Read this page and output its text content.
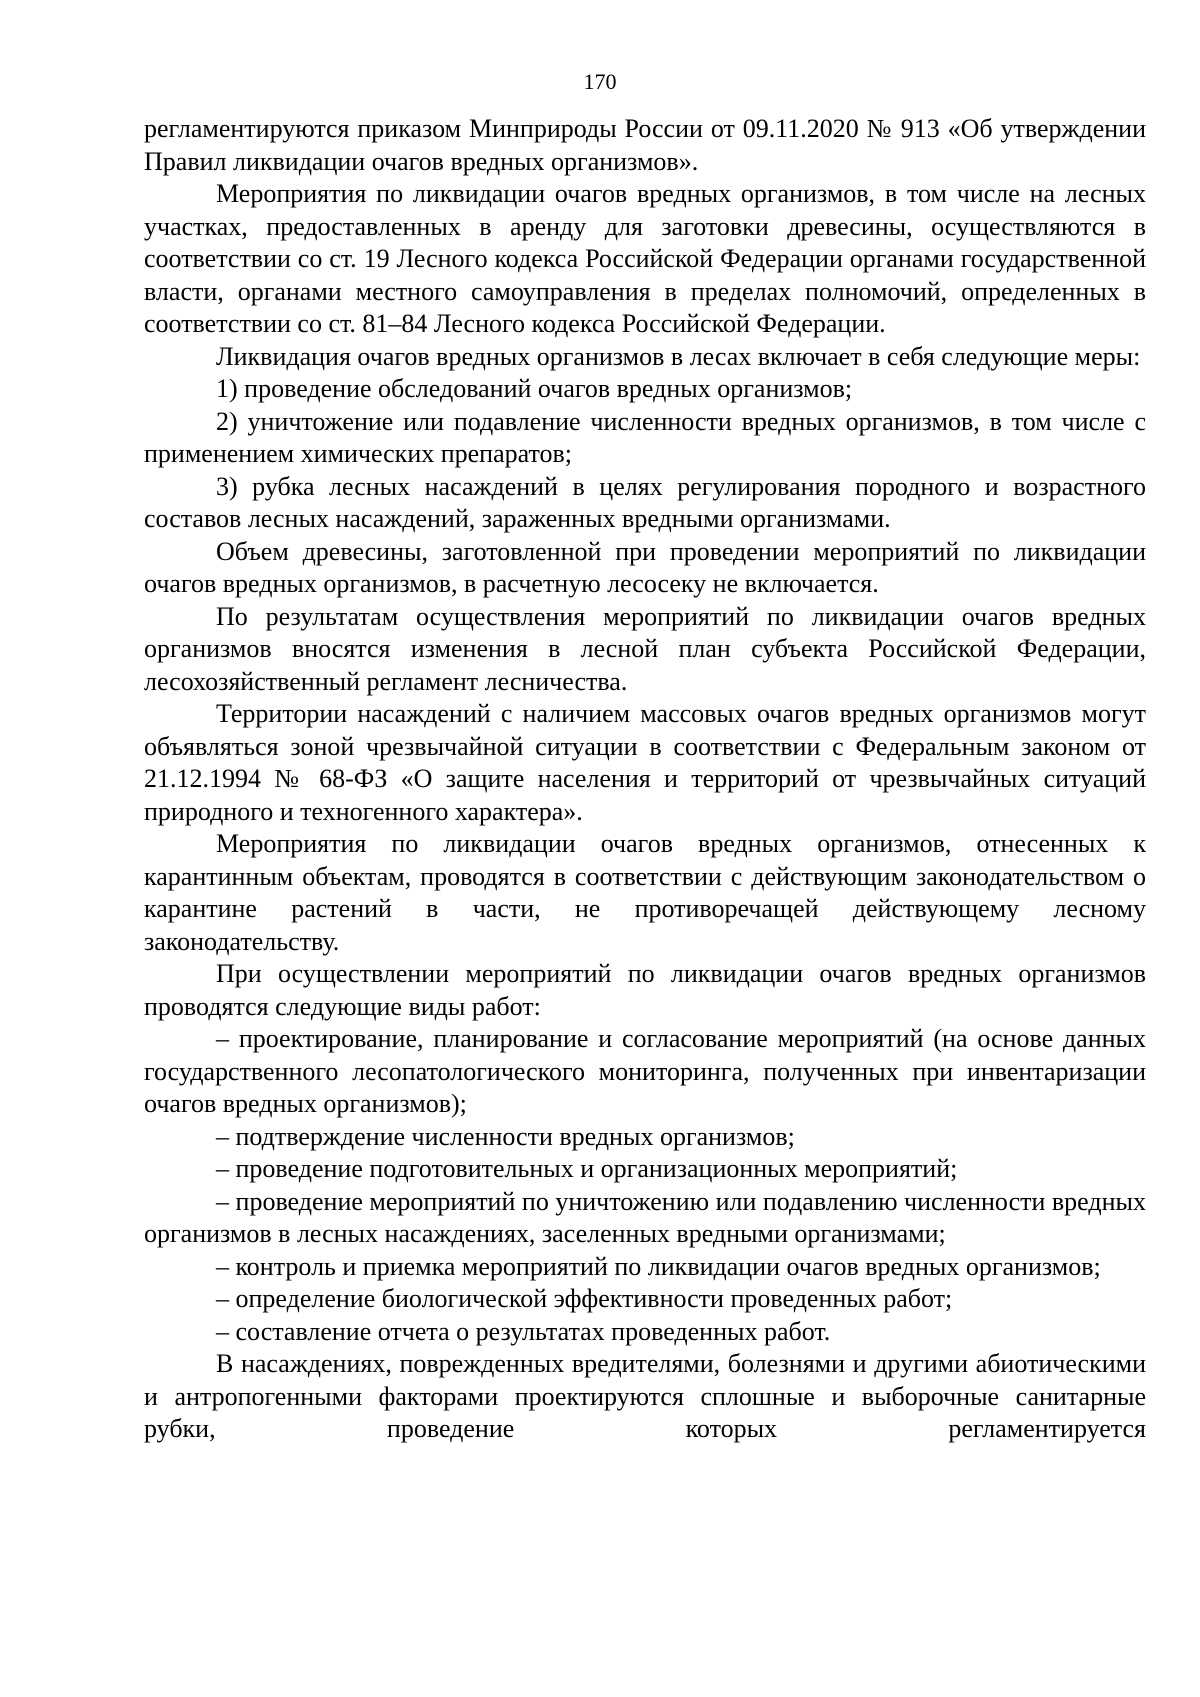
170

регламентируются приказом Минприроды России от 09.11.2020 № 913 «Об утверждении Правил ликвидации очагов вредных организмов».

Мероприятия по ликвидации очагов вредных организмов, в том числе на лесных участках, предоставленных в аренду для заготовки древесины, осуществляются в соответствии со ст. 19 Лесного кодекса Российской Федерации органами государственной власти, органами местного самоуправления в пределах полномочий, определенных в соответствии со ст. 81–84 Лесного кодекса Российской Федерации.

Ликвидация очагов вредных организмов в лесах включает в себя следующие меры:

1) проведение обследований очагов вредных организмов;

2) уничтожение или подавление численности вредных организмов, в том числе с применением химических препаратов;

3) рубка лесных насаждений в целях регулирования породного и возрастного составов лесных насаждений, зараженных вредными организмами.

Объем древесины, заготовленной при проведении мероприятий по ликвидации очагов вредных организмов, в расчетную лесосеку не включается.

По результатам осуществления мероприятий по ликвидации очагов вредных организмов вносятся изменения в лесной план субъекта Российской Федерации, лесохозяйственный регламент лесничества.

Территории насаждений с наличием массовых очагов вредных организмов могут объявляться зоной чрезвычайной ситуации в соответствии с Федеральным законом от 21.12.1994 № 68-ФЗ «О защите населения и территорий от чрезвычайных ситуаций природного и техногенного характера».

Мероприятия по ликвидации очагов вредных организмов, отнесенных к карантинным объектам, проводятся в соответствии с действующим законодательством о карантине растений в части, не противоречащей действующему лесному законодательству.

При осуществлении мероприятий по ликвидации очагов вредных организмов проводятся следующие виды работ:

– проектирование, планирование и согласование мероприятий (на основе данных государственного лесопатологического мониторинга, полученных при инвентаризации очагов вредных организмов);

– подтверждение численности вредных организмов;

– проведение подготовительных и организационных мероприятий;

– проведение мероприятий по уничтожению или подавлению численности вредных организмов в лесных насаждениях, заселенных вредными организмами;

– контроль и приемка мероприятий по ликвидации очагов вредных организмов;

– определение биологической эффективности проведенных работ;

– составление отчета о результатах проведенных работ.

В насаждениях, поврежденных вредителями, болезнями и другими абиотическими и антропогенными факторами проектируются сплошные и выборочные санитарные рубки, проведение которых регламентируется
